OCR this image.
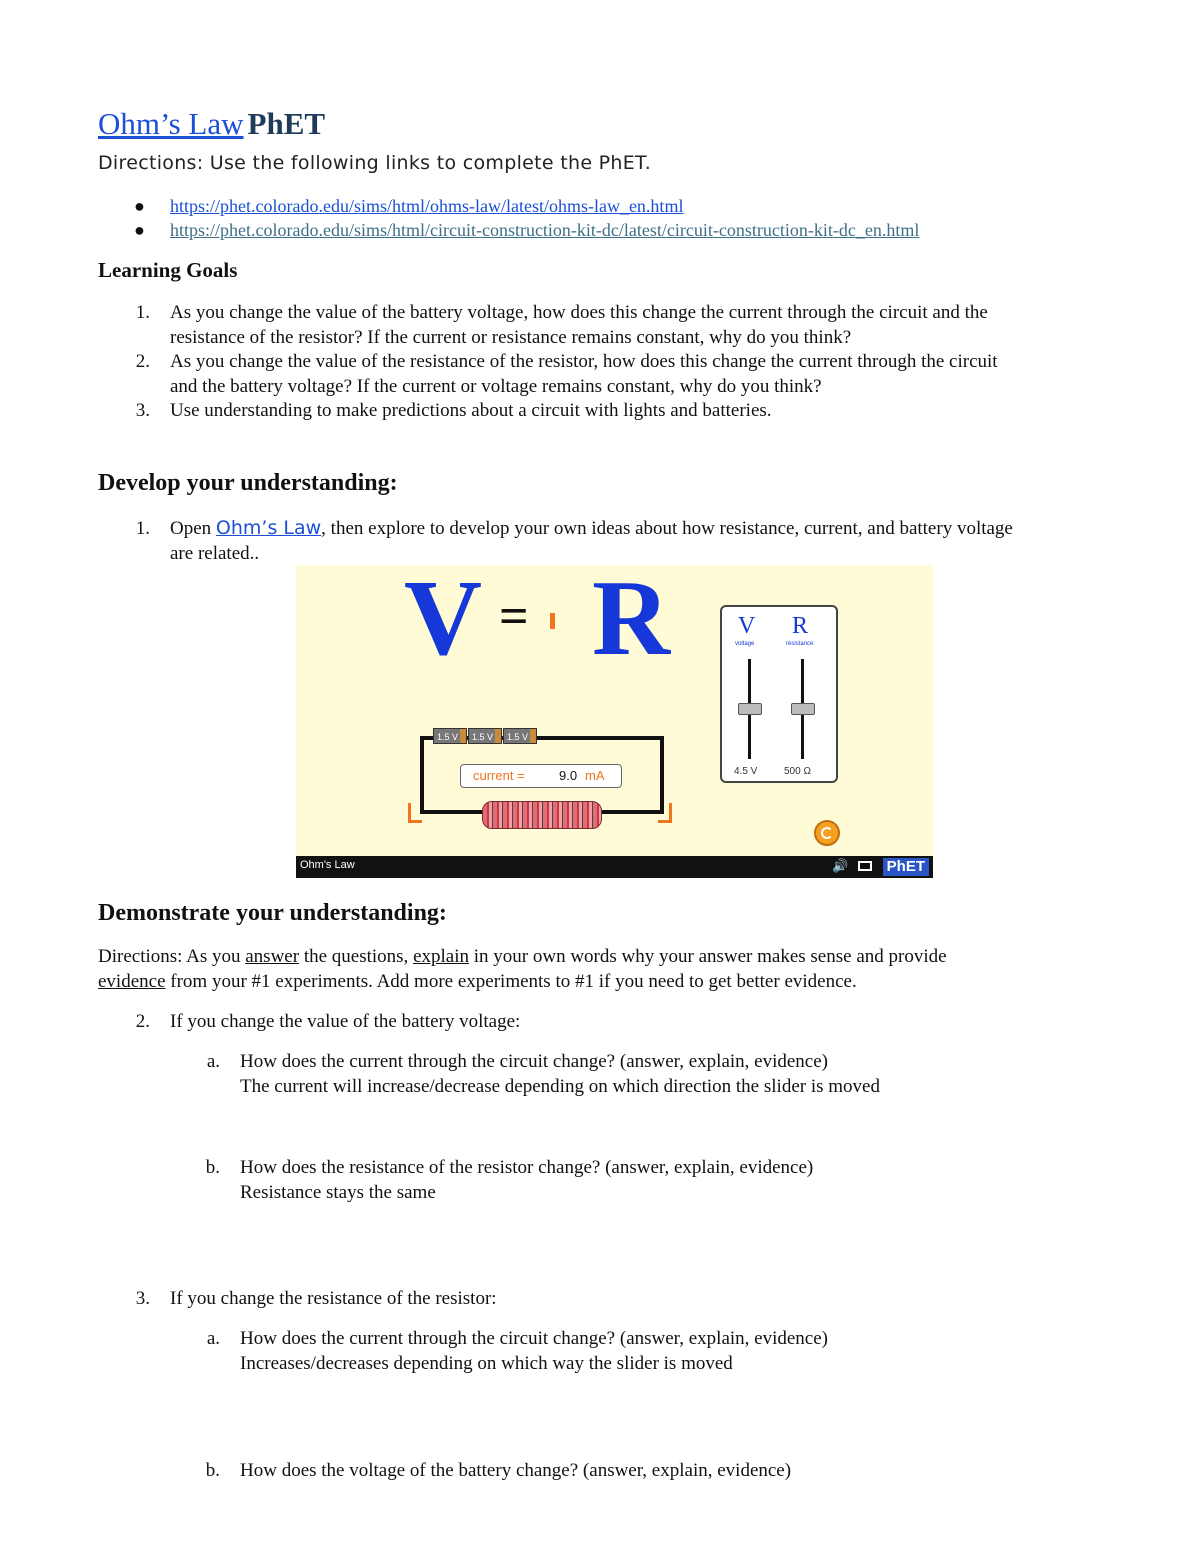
Ohm’s Law PhET
Directions: Use the following links to complete the PhET.
● https://phet.colorado.edu/sims/html/ohms-law/latest/ohms-law_en.html
● https://phet.colorado.edu/sims/html/circuit-construction-kit-dc/latest/circuit-construction-kit-dc_en.html
Learning Goals
1. As you change the value of the battery voltage, how does this change the current through the circuit and the
resistance of the resistor? If the current or resistance remains constant, why do you think?
2. As you change the value of the resistance of the resistor, how does this change the current through the circuit
and the battery voltage? If the current or voltage remains constant, why do you think?
3. Use understanding to make predictions about a circuit with lights and batteries.
Develop your understanding:
1. Open Ohm’s Law, then explore to develop your own ideas about how resistance, current, and battery voltage
are related..
V = R	V R
voltage	resistance
4.5 V	500 Ω
1.5 V	1.5 V	1.5 V
current =	9.0 mA
Ohm's Law	🔊	PhET
Demonstrate your understanding:
Directions: As you answer the questions, explain in your own words why your answer makes sense and provide
evidence from your #1 experiments. Add more experiments to #1 if you need to get better evidence.
2. If you change the value of the battery voltage:
a. How does the current through the circuit change? (answer, explain, evidence)
The current will increase/decrease depending on which direction the slider is moved
b. How does the resistance of the resistor change? (answer, explain, evidence)
Resistance stays the same
3. If you change the resistance of the resistor:
a. How does the current through the circuit change? (answer, explain, evidence)
Increases/decreases depending on which way the slider is moved
b. How does the voltage of the battery change? (answer, explain, evidence)
